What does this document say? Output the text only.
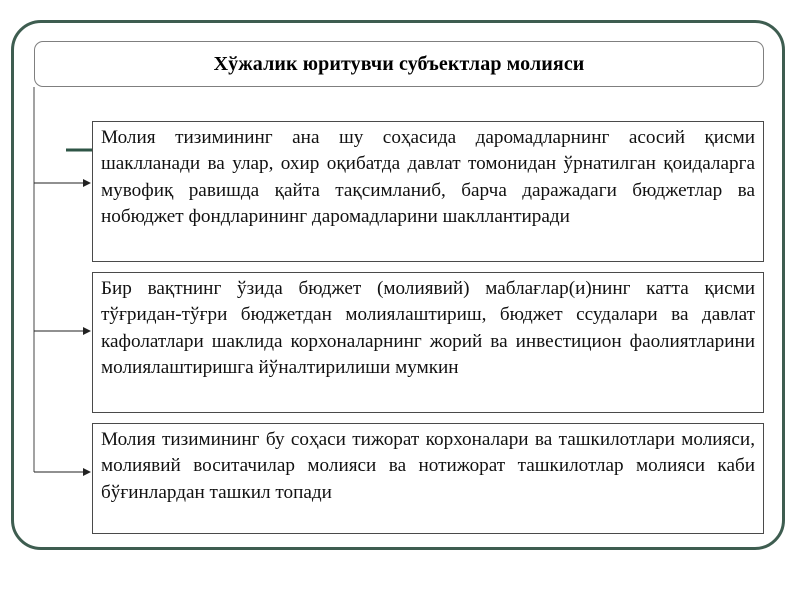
Хўжалик юритувчи субъектлар молияси

Молия тизимининг ана шу соҳасида даромадларнинг асосий қисми шаклланади ва улар, охир оқибатда давлат томонидан ўрнатилган қоидаларга мувофиқ равишда қайта тақсимланиб, барча даражадаги бюджетлар ва нобюджет фондларининг даромадларини шакллантиради

Бир вақтнинг ўзида бюджет (молиявий) маблағлар(и)нинг катта қисми тўғридан-тўғри бюджетдан молиялаштириш, бюджет ссудалари ва давлат кафолатлари шаклида корхоналарнинг жорий ва инвестицион фаолиятларини молиялаштиришга йўналтирилиши мумкин

Молия тизимининг бу соҳаси тижорат корхоналари ва ташкилотлари молияси, молиявий воситачилар молияси ва нотижорат ташкилотлар молияси каби бўғинлардан ташкил топади
